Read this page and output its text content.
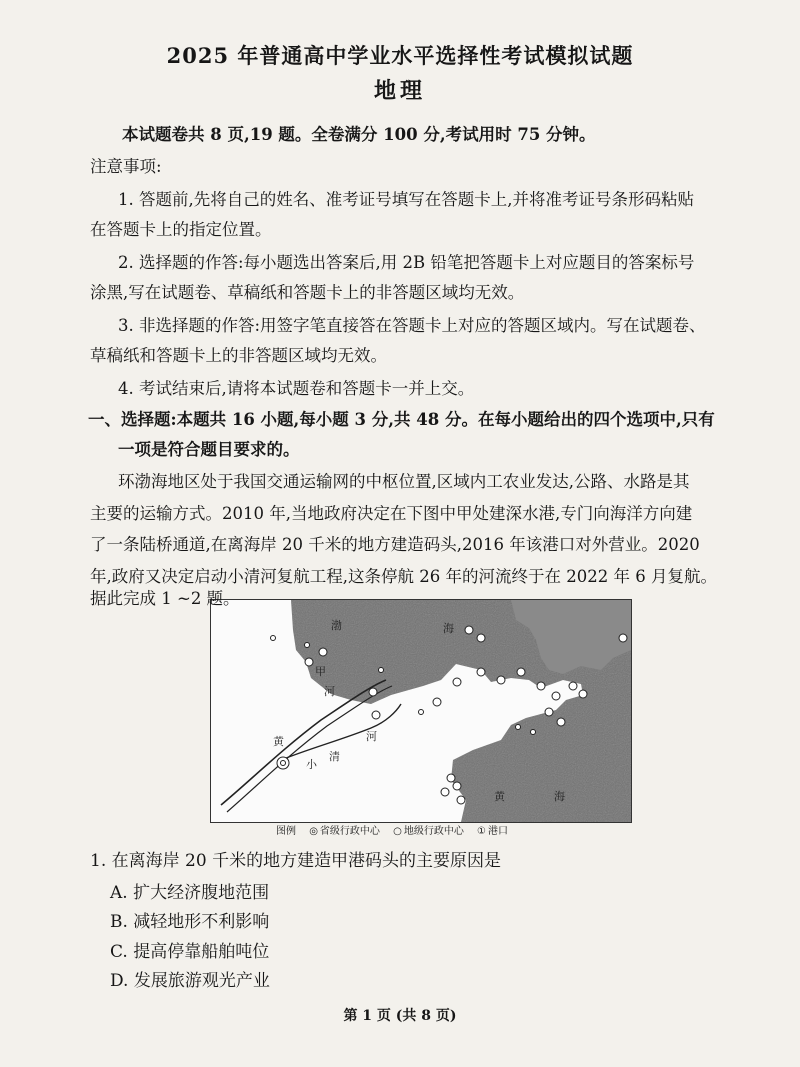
2025 年普通高中学业水平选择性考试模拟试题
地理
本试题卷共 8 页,19 题。全卷满分 100 分,考试用时 75 分钟。
注意事项:
1. 答题前,先将自己的姓名、准考证号填写在答题卡上,并将准考证号条形码粘贴
在答题卡上的指定位置。
2. 选择题的作答:每小题选出答案后,用 2B 铅笔把答题卡上对应题目的答案标号
涂黑,写在试题卷、草稿纸和答题卡上的非答题区域均无效。
3. 非选择题的作答:用签字笔直接答在答题卡上对应的答题区域内。写在试题卷、
草稿纸和答题卡上的非答题区域均无效。
4. 考试结束后,请将本试题卷和答题卡一并上交。
一、选择题:本题共 16 小题,每小题 3 分,共 48 分。在每小题给出的四个选项中,只有
一项是符合题目要求的。
环渤海地区处于我国交通运输网的中枢位置,区域内工农业发达,公路、水路是其
主要的运输方式。2010 年,当地政府决定在下图中甲处建深水港,专门向海洋方向建
了一条陆桥通道,在离海岸 20 千米的地方建造码头,2016 年该港口对外营业。2020
年,政府又决定启动小清河复航工程,这条停航 26 年的河流终于在 2022 年 6 月复航。
渤	海
甲
河
黄	河
小
清
黄	海
图例 ◎ 省级行政中心 ○ 地级行政中心 ① 港口
1. 在离海岸 20 千米的地方建造甲港码头的主要原因是
A. 扩大经济腹地范围
B. 减轻地形不利影响
C. 提高停靠船舶吨位
D. 发展旅游观光产业
第 1 页 (共 8 页)
据此完成 1 ~2 题。
